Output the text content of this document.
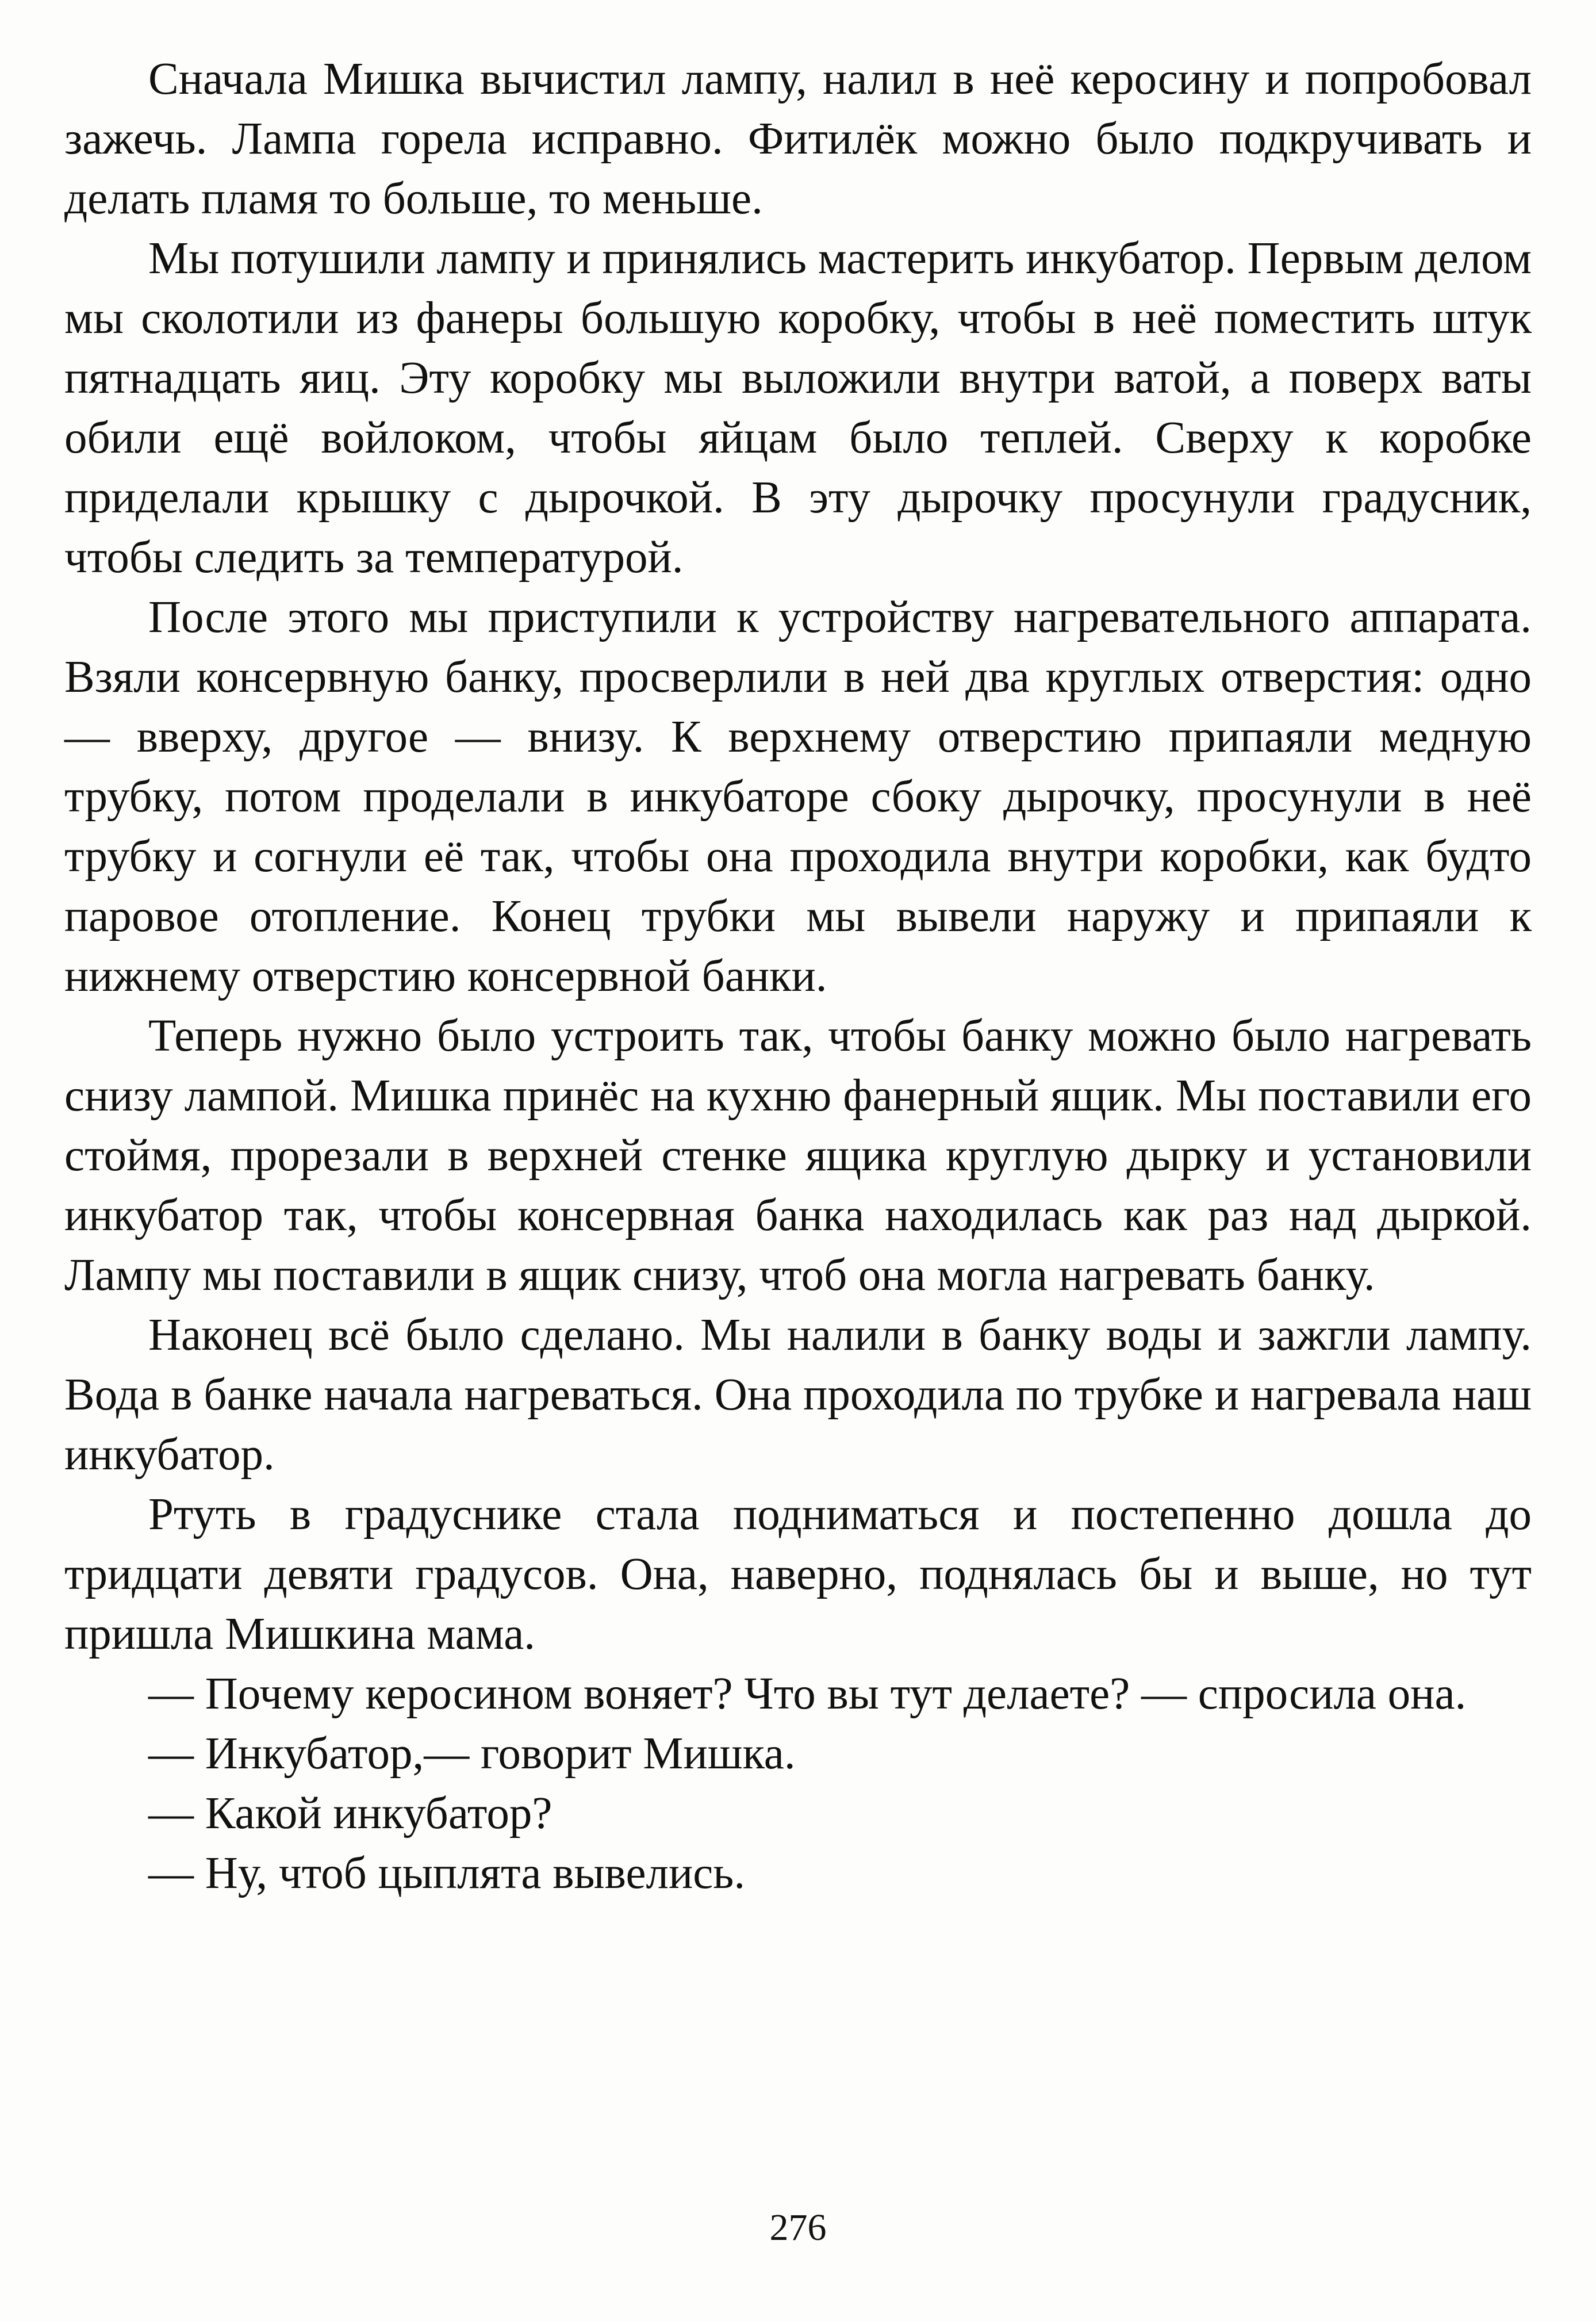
Сначала Мишка вычистил лампу, налил в неё керосину и попробовал зажечь. Лампа горела исправно. Фитилёк можно было подкручивать и делать пламя то больше, то меньше.

Мы потушили лампу и принялись мастерить инкубатор. Первым делом мы сколотили из фанеры большую коробку, чтобы в неё поместить штук пятнадцать яиц. Эту коробку мы выложили внутри ватой, а поверх ваты обили ещё войлоком, чтобы яйцам было теплей. Сверху к коробке приделали крышку с дырочкой. В эту дырочку просунули градусник, чтобы следить за температурой.

После этого мы приступили к устройству нагревательного аппарата. Взяли консервную банку, просверлили в ней два круглых отверстия: одно — вверху, другое — внизу. К верхнему отверстию припаяли медную трубку, потом проделали в инкубаторе сбоку дырочку, просунули в неё трубку и согнули её так, чтобы она проходила внутри коробки, как будто паровое отопление. Конец трубки мы вывели наружу и припаяли к нижнему отверстию консервной банки.

Теперь нужно было устроить так, чтобы банку можно было нагревать снизу лампой. Мишка принёс на кухню фанерный ящик. Мы поставили его стоймя, прорезали в верхней стенке ящика круглую дырку и установили инкубатор так, чтобы консервная банка находилась как раз над дыркой. Лампу мы поставили в ящик снизу, чтоб она могла нагревать банку.

Наконец всё было сделано. Мы налили в банку воды и зажгли лампу. Вода в банке начала нагреваться. Она проходила по трубке и нагревала наш инкубатор.

Ртуть в градуснике стала подниматься и постепенно дошла до тридцати девяти градусов. Она, наверно, поднялась бы и выше, но тут пришла Мишкина мама.

— Почему керосином воняет? Что вы тут делаете? — спросила она.

— Инкубатор,— говорит Мишка.

— Какой инкубатор?

— Ну, чтоб цыплята вывелись.

276
